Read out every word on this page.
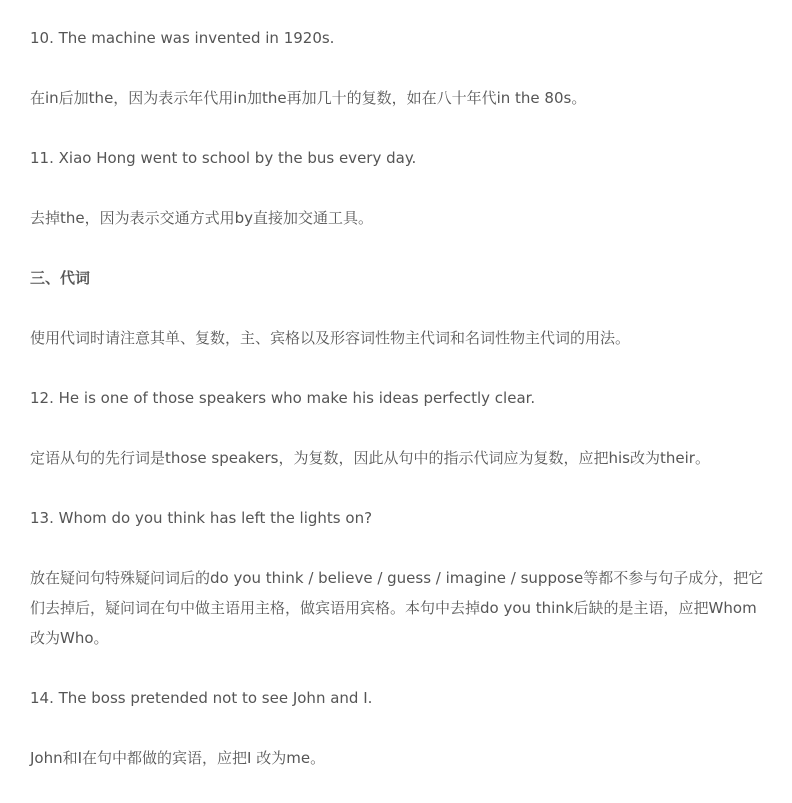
10. The machine was invented in 1920s.

在in后加the，因为表示年代用in加the再加几十的复数，如在八十年代in the 80s。

11. Xiao Hong went to school by the bus every day.

去掉the，因为表示交通方式用by直接加交通工具。

三、代词

使用代词时请注意其单、复数，主、宾格以及形容词性物主代词和名词性物主代词的用法。

12. He is one of those speakers who make his ideas perfectly clear.

定语从句的先行词是those speakers，为复数，因此从句中的指示代词应为复数，应把his改为their。

13. Whom do you think has left the lights on?

放在疑问句特殊疑问词后的do you think / believe / guess / imagine / suppose等都不参与句子成分，把它们去掉后，疑问词在句中做主语用主格，做宾语用宾格。本句中去掉do you think后缺的是主语，应把Whom改为Who。

14. The boss pretended not to see John and I.

John和I在句中都做的宾语，应把I 改为me。
